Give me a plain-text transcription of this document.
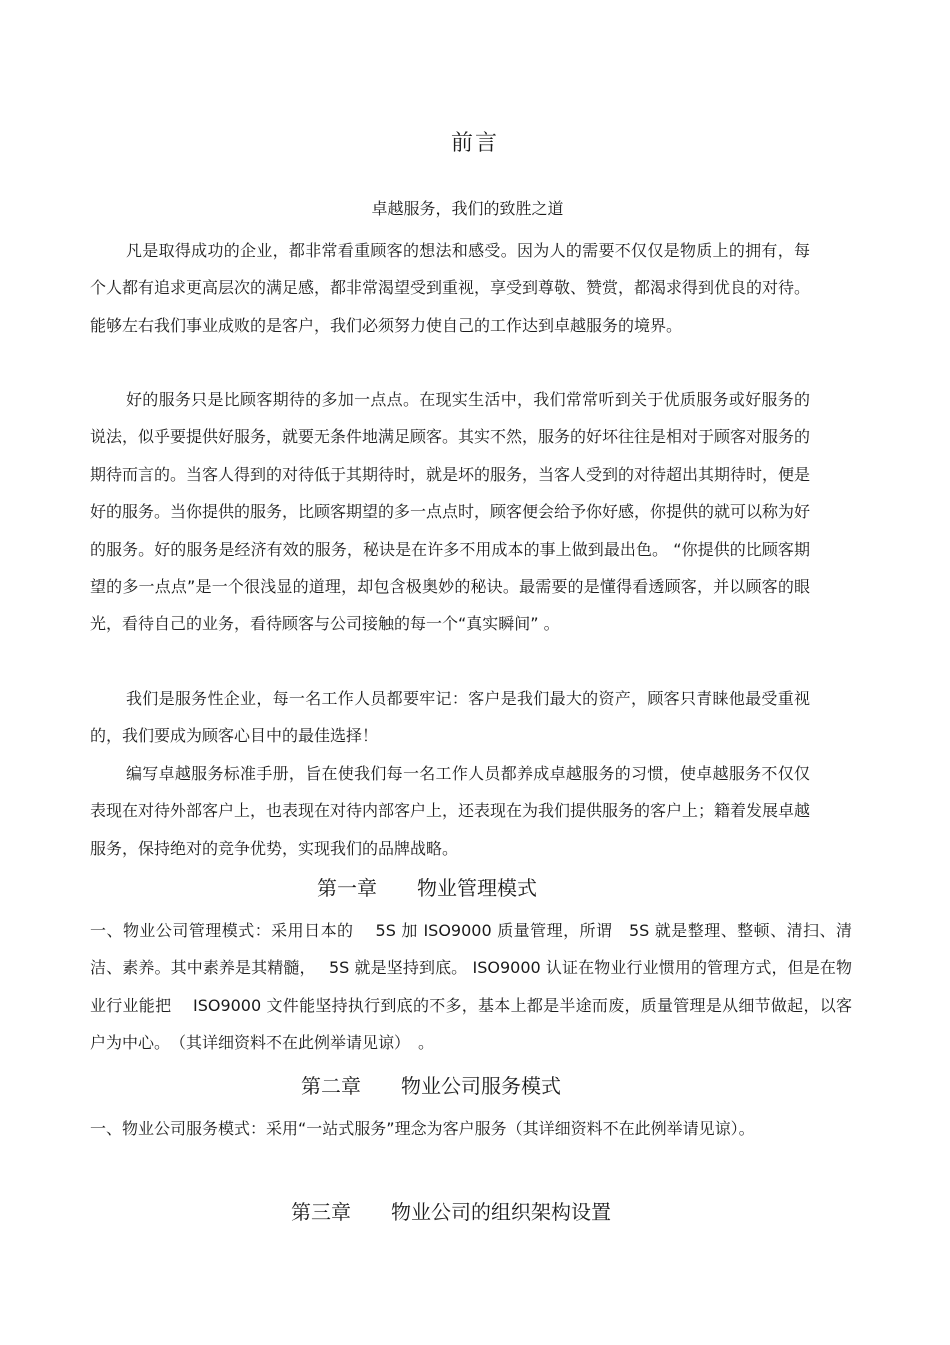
前言
卓越服务，我们的致胜之道

凡是取得成功的企业，都非常看重顾客的想法和感受。因为人的需要不仅仅是物质上的拥有，每个人都有追求更高层次的满足感，都非常渴望受到重视，享受到尊敬、赞赏，都渴求得到优良的对待。能够左右我们事业成败的是客户，我们必须努力使自己的工作达到卓越服务的境界。

好的服务只是比顾客期待的多加一点点。在现实生活中，我们常常听到关于优质服务或好服务的说法，似乎要提供好服务，就要无条件地满足顾客。其实不然，服务的好坏往往是相对于顾客对服务的期待而言的。当客人得到的对待低于其期待时，就是坏的服务，当客人受到的对待超出其期待时，便是好的服务。当你提供的服务，比顾客期望的多一点点时，顾客便会给予你好感，你提供的就可以称为好的服务。好的服务是经济有效的服务，秘诀是在许多不用成本的事上做到最出色。 “你提供的比顾客期望的多一点点”是一个很浅显的道理，却包含极奥妙的秘诀。最需要的是懂得看透顾客，并以顾客的眼光，看待自己的业务，看待顾客与公司接触的每一个“真实瞬间” 。

我们是服务性企业，每一名工作人员都要牢记：客户是我们最大的资产，顾客只青睐他最受重视的，我们要成为顾客心目中的最佳选择！

编写卓越服务标准手册，旨在使我们每一名工作人员都养成卓越服务的习惯，使卓越服务不仅仅表现在对待外部客户上，也表现在对待内部客户上，还表现在为我们提供服务的客户上；籍着发展卓越服务，保持绝对的竞争优势，实现我们的品牌战略。

第一章　　物业管理模式

一、物业公司管理模式：采用日本的　 5S 加 ISO9000 质量管理，所谓　5S 就是整理、整顿、清扫、清洁、素养。其中素养是其精髓，　 5S 就是坚持到底。 ISO9000 认证在物业行业惯用的管理方式，但是在物业行业能把　 ISO9000 文件能坚持执行到底的不多，基本上都是半途而废，质量管理是从细节做起，以客户为中心。　（其详细资料不在此例举请见谅）　。

第二章　　物业公司服务模式

一、物业公司服务模式：采用“一站式服务”理念为客户服务（其详细资料不在此例举请见谅）。

第三章　　物业公司的组织架构设置
